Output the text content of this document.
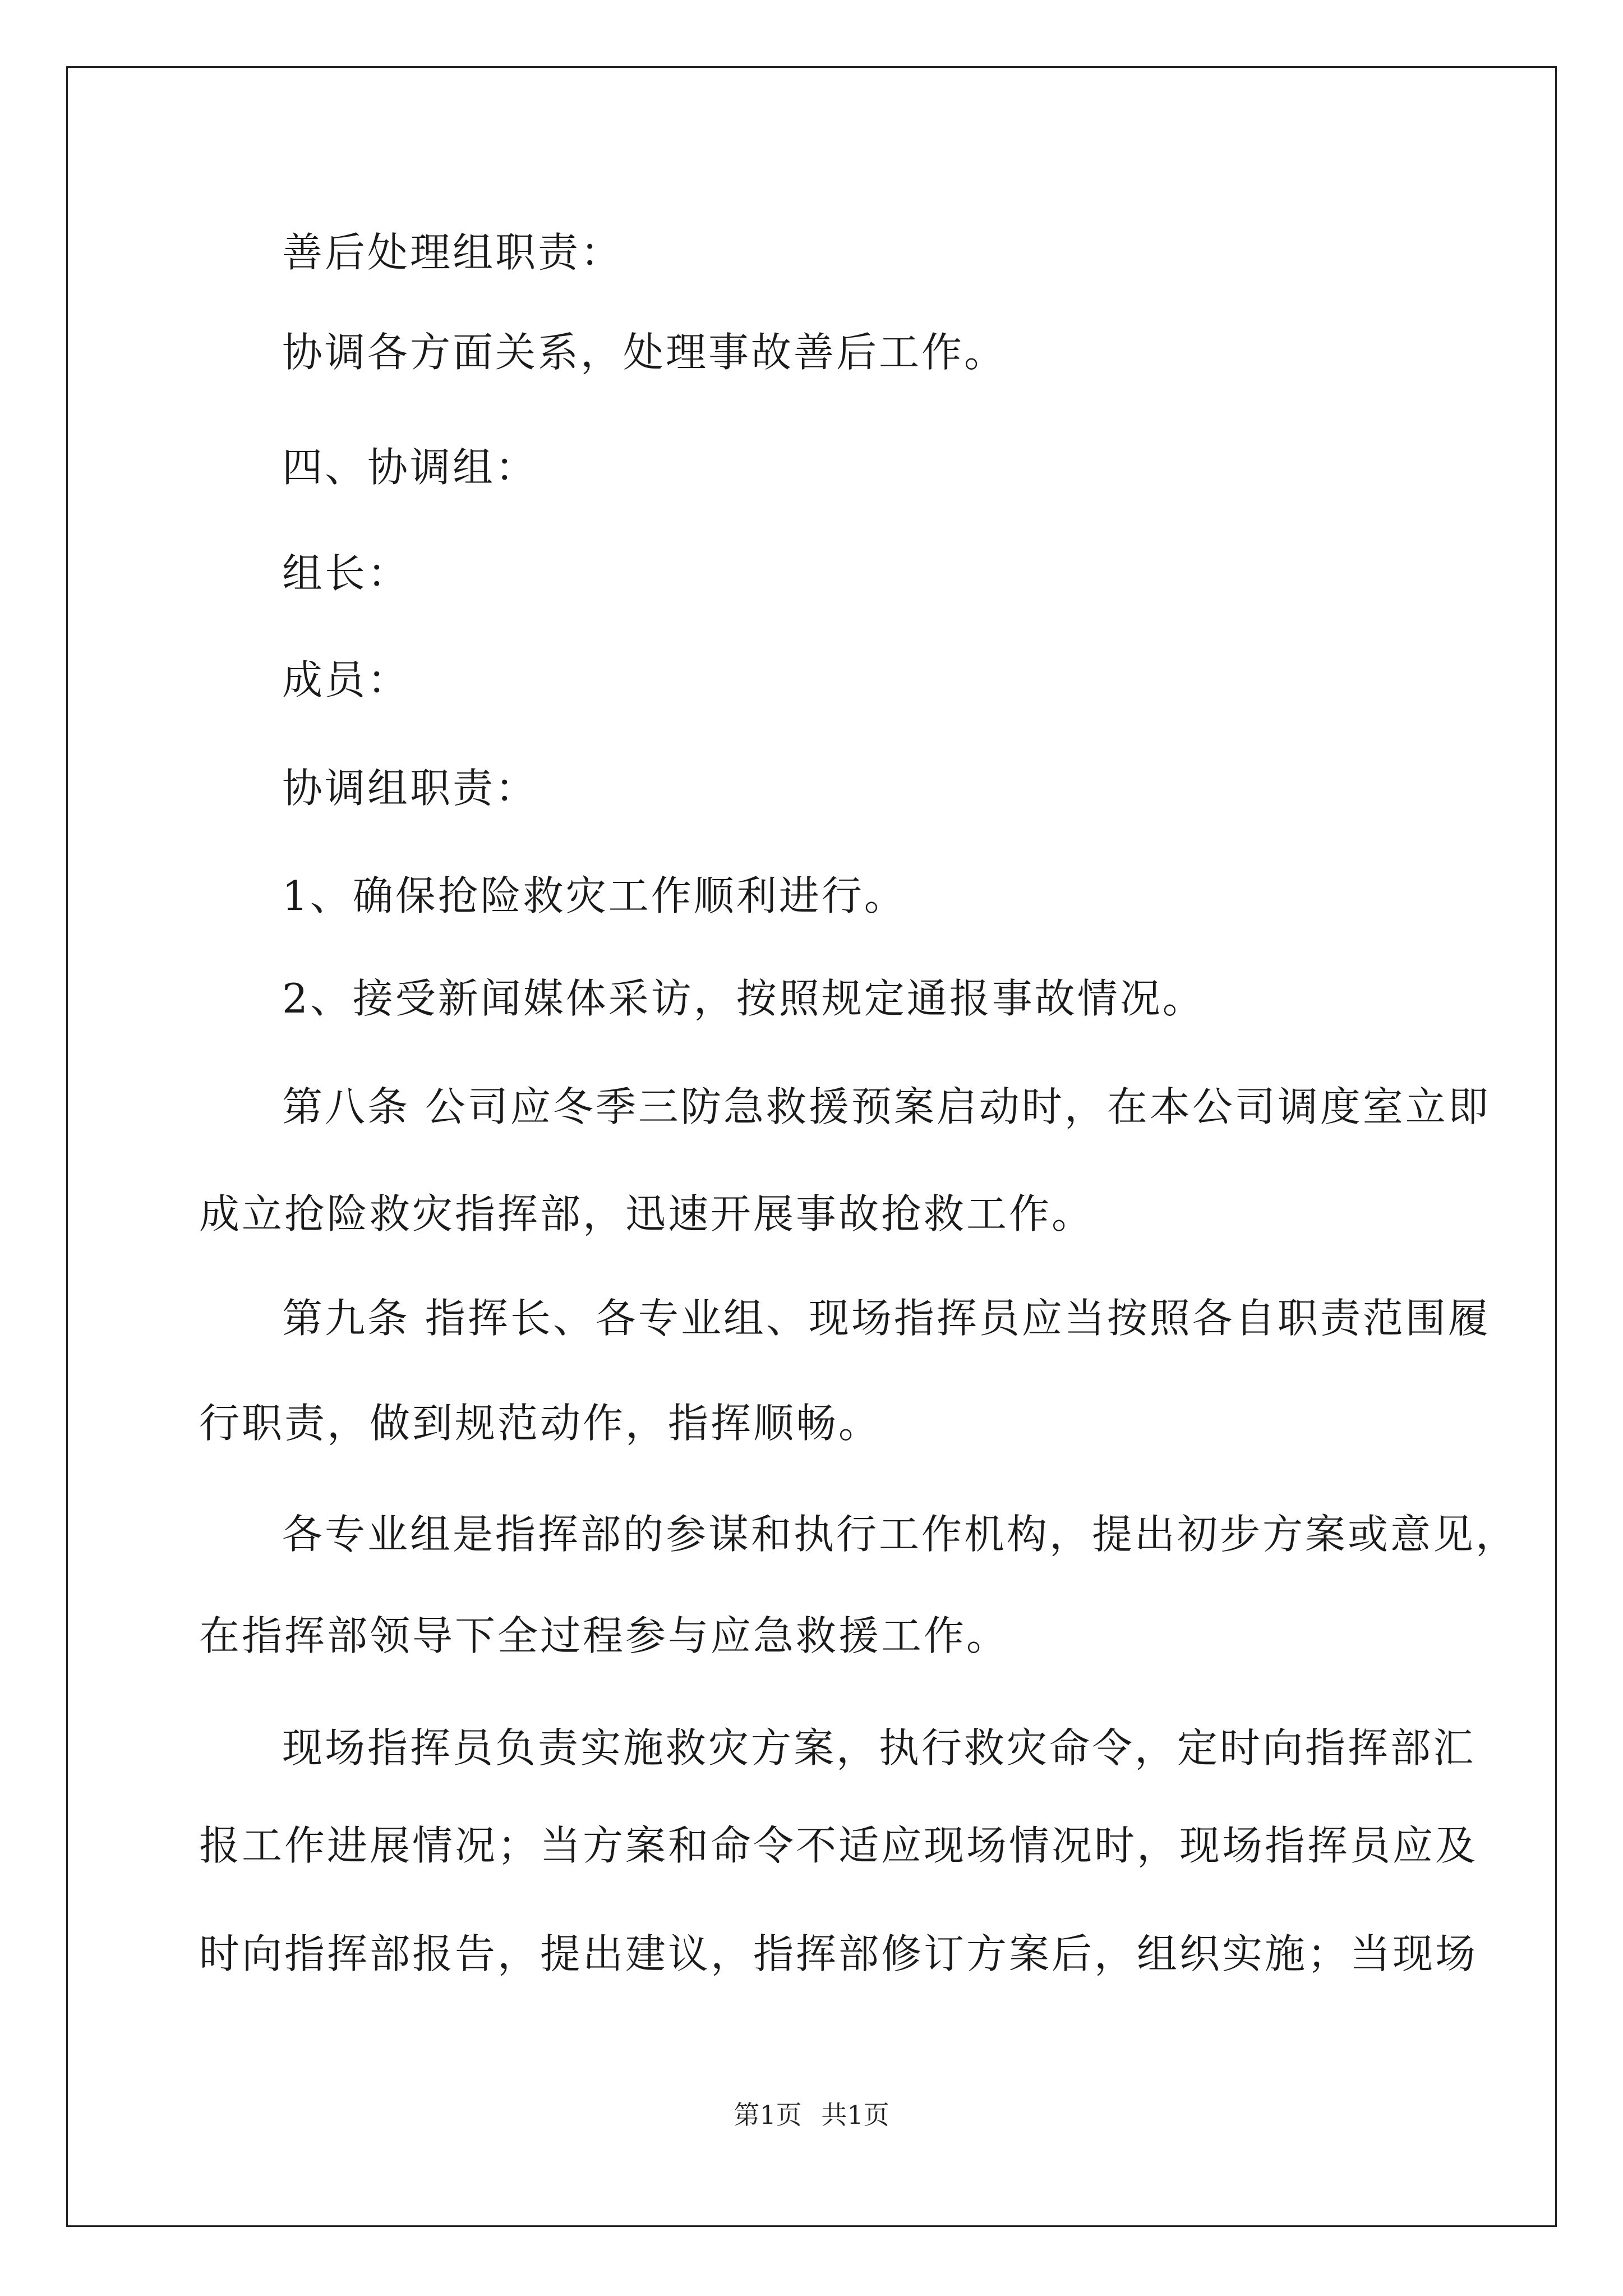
善后处理组职责：
协调各方面关系，处理事故善后工作。
四、协调组：
组长：
成员：
协调组职责：
1、确保抢险救灾工作顺利进行。
2、接受新闻媒体采访，按照规定通报事故情况。
第八条 公司应冬季三防急救援预案启动时，在本公司调度室立即
成立抢险救灾指挥部，迅速开展事故抢救工作。
第九条 指挥长、各专业组、现场指挥员应当按照各自职责范围履
行职责，做到规范动作，指挥顺畅。
各专业组是指挥部的参谋和执行工作机构，提出初步方案或意见，
在指挥部领导下全过程参与应急救援工作。
现场指挥员负责实施救灾方案，执行救灾命令，定时向指挥部汇
报工作进展情况；当方案和命令不适应现场情况时，现场指挥员应及
时向指挥部报告，提出建议，指挥部修订方案后，组织实施；当现场
第1页 共1页
